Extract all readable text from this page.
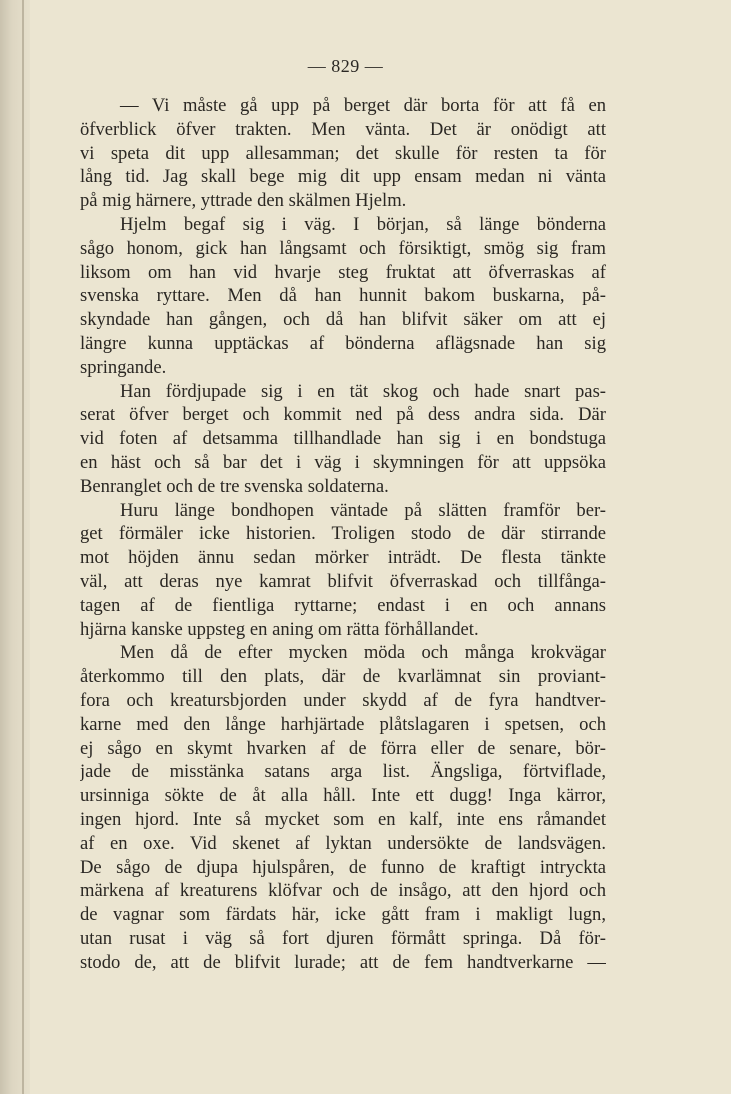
— 829 —
— Vi måste gå upp på berget där borta för att få en
öfverblick öfver trakten. Men vänta. Det är onödigt att
vi speta dit upp allesamman; det skulle för resten ta för
lång tid. Jag skall bege mig dit upp ensam medan ni vänta
på mig härnere, yttrade den skälmen Hjelm.
Hjelm begaf sig i väg. I början, så länge bönderna
sågo honom, gick han långsamt och försiktigt, smög sig fram
liksom om han vid hvarje steg fruktat att öfverraskas af
svenska ryttare. Men då han hunnit bakom buskarna, på-
skyndade han gången, och då han blifvit säker om att ej
längre kunna upptäckas af bönderna aflägsnade han sig
springande.
Han fördjupade sig i en tät skog och hade snart pas-
serat öfver berget och kommit ned på dess andra sida. Där
vid foten af detsamma tillhandlade han sig i en bondstuga
en häst och så bar det i väg i skymningen för att uppsöka
Benranglet och de tre svenska soldaterna.
Huru länge bondhopen väntade på slätten framför ber-
get förmäler icke historien. Troligen stodo de där stirrande
mot höjden ännu sedan mörker inträdt. De flesta tänkte
väl, att deras nye kamrat blifvit öfverraskad och tillfånga-
tagen af de fientliga ryttarne; endast i en och annans
hjärna kanske uppsteg en aning om rätta förhållandet.
Men då de efter mycken möda och många krokvägar
återkommo till den plats, där de kvarlämnat sin proviant-
fora och kreatursbjorden under skydd af de fyra handtver-
karne med den långe harhjärtade plåtslagaren i spetsen, och
ej sågo en skymt hvarken af de förra eller de senare, bör-
jade de misstänka satans arga list. Ängsliga, förtviflade,
ursinniga sökte de åt alla håll. Inte ett dugg! Inga kärror,
ingen hjord. Inte så mycket som en kalf, inte ens råmandet
af en oxe. Vid skenet af lyktan undersökte de landsvägen.
De sågo de djupa hjulspåren, de funno de kraftigt intryckta
märkena af kreaturens klöfvar och de insågo, att den hjord och
de vagnar som färdats här, icke gått fram i makligt lugn,
utan rusat i väg så fort djuren förmått springa. Då för-
stodo de, att de blifvit lurade; att de fem handtverkarne —
